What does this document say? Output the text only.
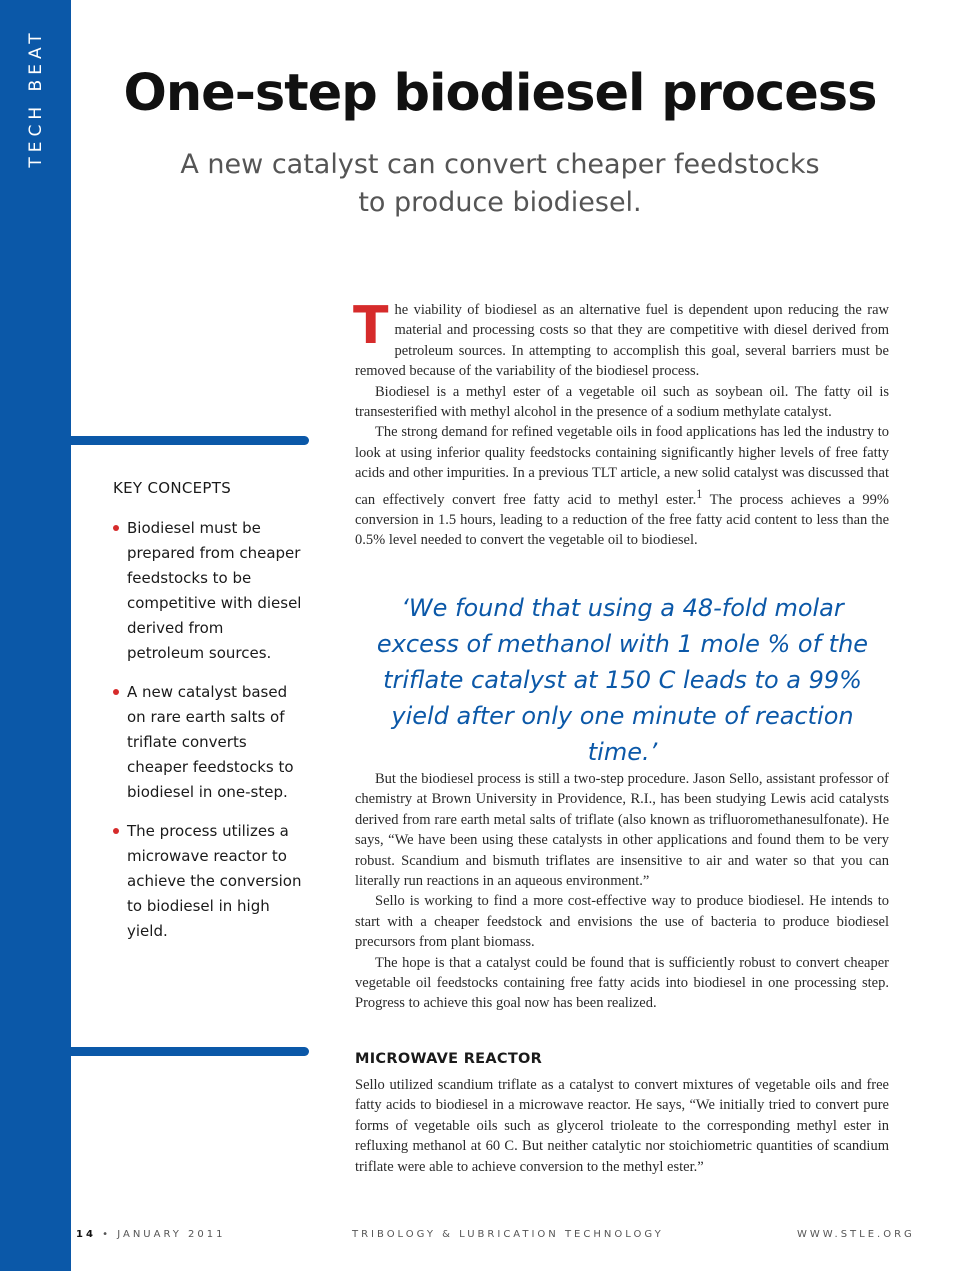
TECH BEAT One-step biodiesel process

A new catalyst can convert cheaper feedstocks to produce biodiesel.

KEY CONCEPTS
Biodiesel must be prepared from cheaper feedstocks to be competitive with diesel derived from petroleum sources.
A new catalyst based on rare earth salts of triflate converts cheaper feedstocks to biodiesel in one-step.
The process utilizes a microwave reactor to achieve the conversion to biodiesel in high yield.

The viability of biodiesel as an alternative fuel is dependent upon reducing the raw material and processing costs so that they are competitive with diesel derived from petroleum sources. In attempting to accomplish this goal, several barriers must be removed because of the variability of the biodiesel process.

Biodiesel is a methyl ester of a vegetable oil such as soybean oil. The fatty oil is transesterified with methyl alcohol in the presence of a sodium methylate catalyst.

The strong demand for refined vegetable oils in food applications has led the industry to look at using inferior quality feedstocks containing significantly higher levels of free fatty acids and other impurities. In a previous TLT article, a new solid catalyst was discussed that can effectively convert free fatty acid to methyl ester.$^1$ The process achieves a 99% conversion in 1.5 hours, leading to a reduction of the free fatty acid content to less than the 0.5% level needed to convert the vegetable oil to biodiesel.

‘We found that using a 48-fold molar excess of methanol with 1 mole % of the triflate catalyst at 150 C leads to a 99% yield after only one minute of reaction time.’

But the biodiesel process is still a two-step procedure. Jason Sello, assistant professor of chemistry at Brown University in Providence, R.I., has been studying Lewis acid catalysts derived from rare earth metal salts of triflate (also known as trifluoromethanesulfonate). He says, “We have been using these catalysts in other applications and found them to be very robust. Scandium and bismuth triflates are insensitive to air and water so that you can literally run reactions in an aqueous environment.”

Sello is working to find a more cost-effective way to produce biodiesel. He intends to start with a cheaper feedstock and envisions the use of bacteria to produce biodiesel precursors from plant biomass.

The hope is that a catalyst could be found that is sufficiently robust to convert cheaper vegetable oil feedstocks containing free fatty acids into biodiesel in one processing step. Progress to achieve this goal now has been realized.

MICROWAVE REACTOR

Sello utilized scandium triflate as a catalyst to convert mixtures of vegetable oils and free fatty acids to biodiesel in a microwave reactor. He says, “We initially tried to convert pure forms of vegetable oils such as glycerol trioleate to the corresponding methyl ester in refluxing methanol at 60 C. But neither catalytic nor stoichiometric quantities of scandium triflate were able to achieve conversion to the methyl ester.”

14 • JANUARY 2011	TRIBOLOGY & LUBRICATION TECHNOLOGY	WWW.STLE.ORG
